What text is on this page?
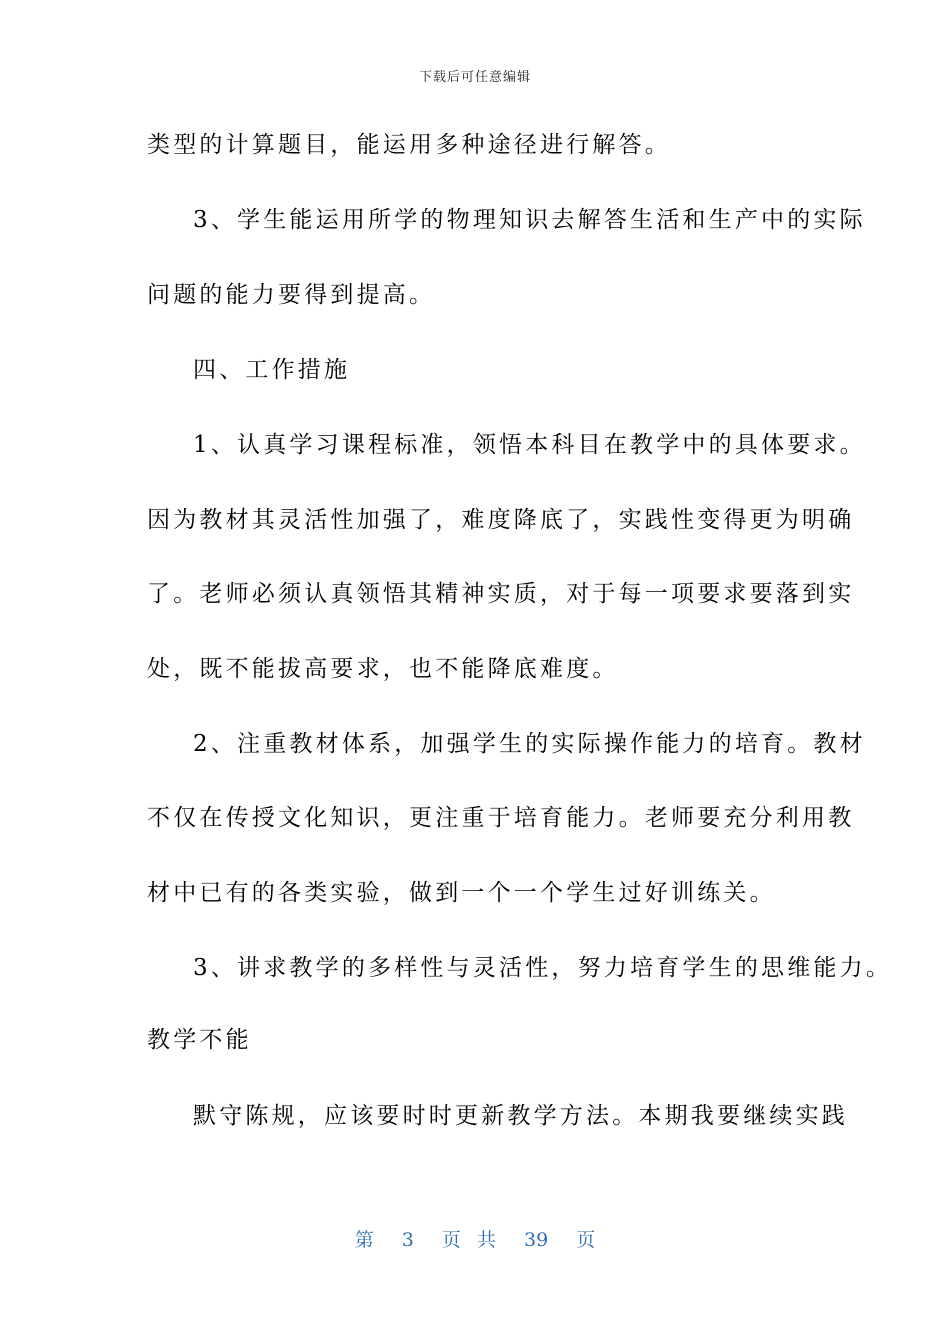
下载后可任意编辑
类型的计算题目，能运用多种途径进行解答。
3、学生能运用所学的物理知识去解答生活和生产中的实际
问题的能力要得到提高。
四、工作措施
1、认真学习课程标准，领悟本科目在教学中的具体要求。
因为教材其灵活性加强了，难度降底了，实践性变得更为明确
了。老师必须认真领悟其精神实质，对于每一项要求要落到实
处，既不能拔高要求，也不能降底难度。
2、注重教材体系，加强学生的实际操作能力的培育。教材
不仅在传授文化知识，更注重于培育能力。老师要充分利用教
材中已有的各类实验，做到一个一个学生过好训练关。
3、讲求教学的多样性与灵活性，努力培育学生的思维能力。
教学不能
默守陈规，应该要时时更新教学方法。本期我要继续实践
第 3 页 共 39 页
